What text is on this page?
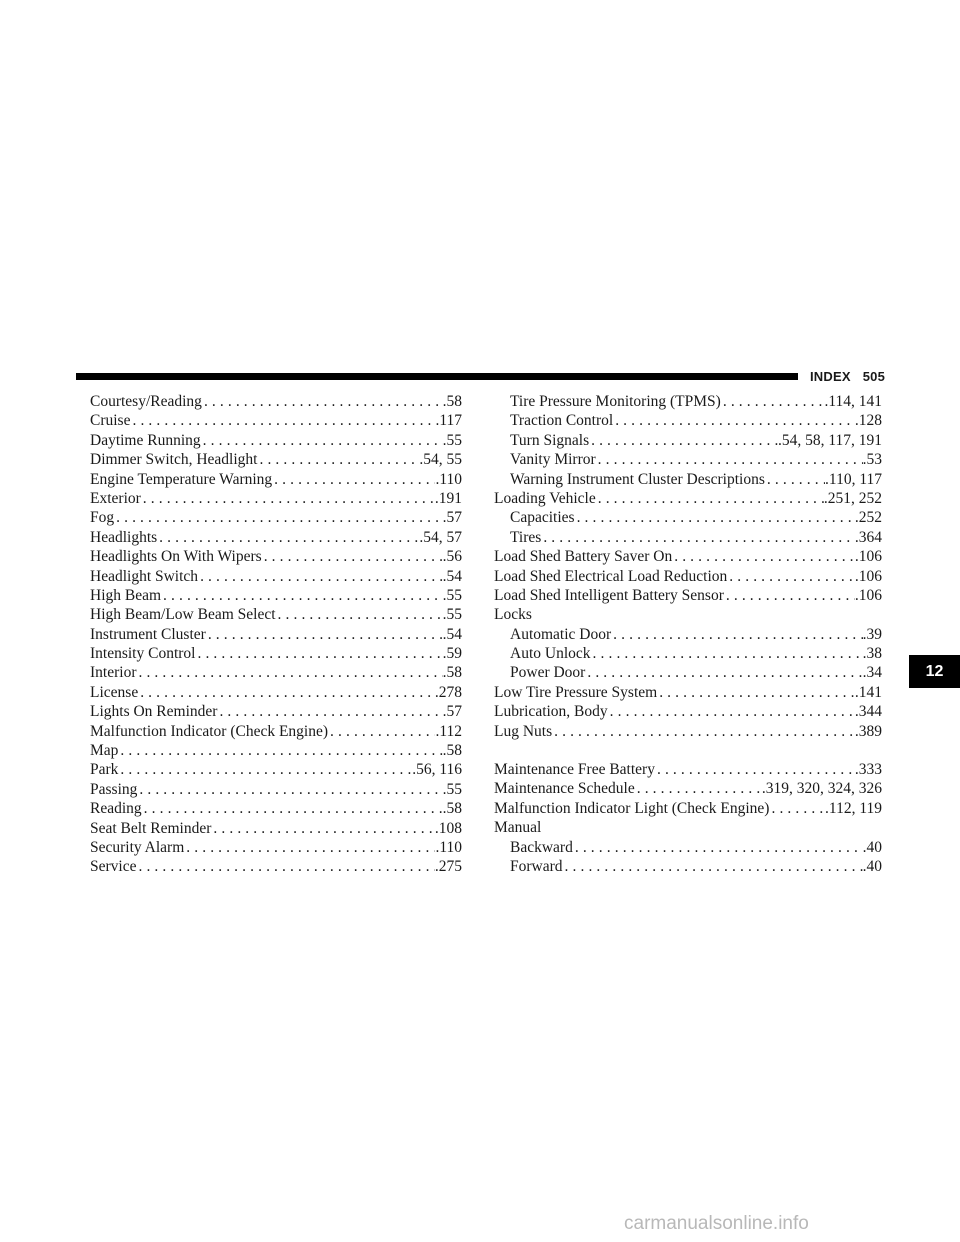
INDEX 505
Courtesy/Reading .....	.58
Cruise .....	.117
Daytime Running .....	.55
Dimmer Switch, Headlight .....	.54, 55
Engine Temperature Warning .....	.110
Exterior .....	.191
Fog .....	.57
Headlights .....	.54, 57
Headlights On With Wipers .....	.56
Headlight Switch .....	.54
High Beam .....	.55
High Beam/Low Beam Select .....	.55
Instrument Cluster .....	.54
Intensity Control .....	.59
Interior .....	.58
License .....	.278
Lights On Reminder .....	.57
Malfunction Indicator (Check Engine) .....	.112
Map .....	.58
Park .....	.56, 116
Passing .....	.55
Reading .....	.58
Seat Belt Reminder .....	.108
Security Alarm .....	.110
Service .....	.275
Tire Pressure Monitoring (TPMS) .....	.114, 141
Traction Control .....	.128
Turn Signals .....	.54, 58, 117, 191
Vanity Mirror .....	.53
Warning Instrument Cluster Descriptions .....	.110, 117
Loading Vehicle .....	.251, 252
Capacities .....	.252
Tires .....	.364
Load Shed Battery Saver On .....	.106
Load Shed Electrical Load Reduction .....	.106
Load Shed Intelligent Battery Sensor .....	.106
Locks
Automatic Door .....	.39
Auto Unlock .....	.38
Power Door .....	.34
Low Tire Pressure System .....	.141
Lubrication, Body .....	.344
Lug Nuts .....	.389
Maintenance Free Battery .....	.333
Maintenance Schedule .....	.319, 320, 324, 326
Malfunction Indicator Light (Check Engine) .....	.112, 119
Manual
Backward .....	.40
Forward .....	.40
12
carmanualsonline.info
